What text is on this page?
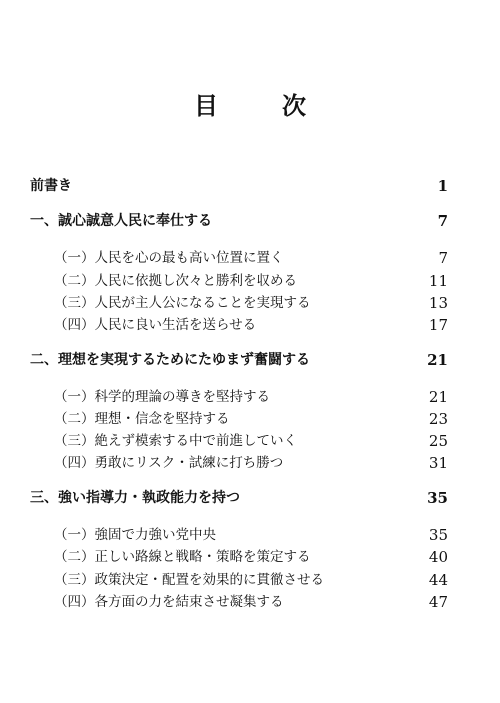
目　次
前書き	1
一、誠心誠意人民に奉仕する	7
（一）人民を心の最も高い位置に置く	7
（二）人民に依拠し次々と勝利を収める	11
（三）人民が主人公になることを実現する	13
（四）人民に良い生活を送らせる	17
二、理想を実現するためにたゆまず奮闘する	21
（一）科学的理論の導きを堅持する	21
（二）理想・信念を堅持する	23
（三）絶えず模索する中で前進していく	25
（四）勇敢にリスク・試練に打ち勝つ	31
三、強い指導力・執政能力を持つ	35
（一）強固で力強い党中央	35
（二）正しい路線と戦略・策略を策定する	40
（三）政策決定・配置を効果的に貫徹させる	44
（四）各方面の力を結束させ凝集する	47
